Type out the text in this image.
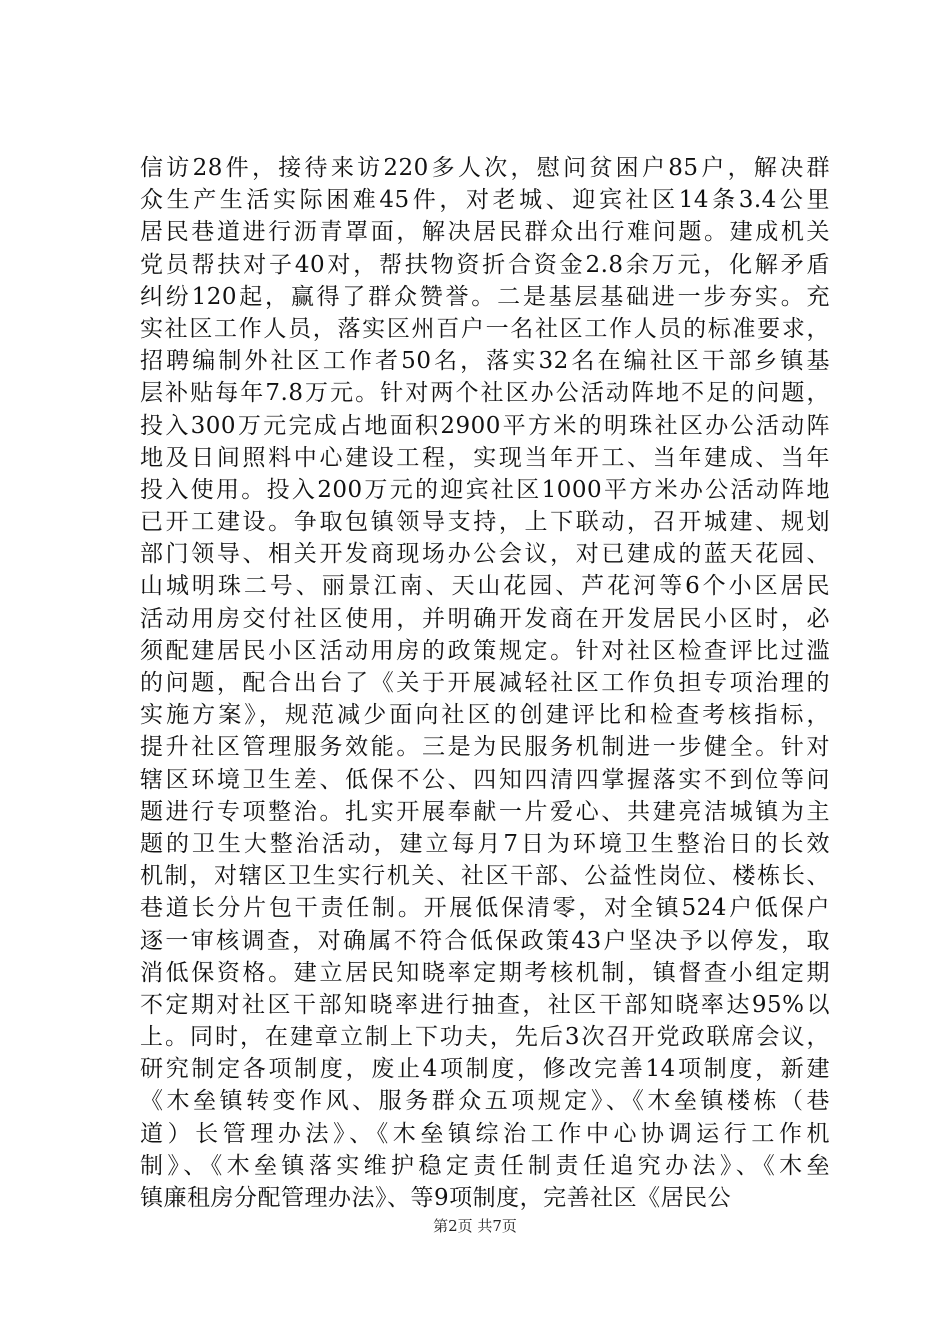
信访28件，接待来访220多人次，慰问贫困户85户，解决群
众生产生活实际困难45件，对老城、迎宾社区14条3.4公里
居民巷道进行沥青罩面，解决居民群众出行难问题。建成机关
党员帮扶对子40对，帮扶物资折合资金2.8余万元，化解矛盾
纠纷120起，赢得了群众赞誉。二是基层基础进一步夯实。充
实社区工作人员，落实区州百户一名社区工作人员的标准要求，
招聘编制外社区工作者50名，落实32名在编社区干部乡镇基
层补贴每年7.8万元。针对两个社区办公活动阵地不足的问题，
投入300万元完成占地面积2900平方米的明珠社区办公活动阵
地及日间照料中心建设工程，实现当年开工、当年建成、当年
投入使用。投入200万元的迎宾社区1000平方米办公活动阵地
已开工建设。争取包镇领导支持，上下联动，召开城建、规划
部门领导、相关开发商现场办公会议，对已建成的蓝天花园、
山城明珠二号、丽景江南、天山花园、芦花河等6个小区居民
活动用房交付社区使用，并明确开发商在开发居民小区时，必
须配建居民小区活动用房的政策规定。针对社区检查评比过滥
的问题，配合出台了《关于开展减轻社区工作负担专项治理的
实施方案》，规范减少面向社区的创建评比和检查考核指标，
提升社区管理服务效能。三是为民服务机制进一步健全。针对
辖区环境卫生差、低保不公、四知四清四掌握落实不到位等问
题进行专项整治。扎实开展奉献一片爱心、共建亮洁城镇为主
题的卫生大整治活动，建立每月7日为环境卫生整治日的长效
机制，对辖区卫生实行机关、社区干部、公益性岗位、楼栋长、
巷道长分片包干责任制。开展低保清零，对全镇524户低保户
逐一审核调查，对确属不符合低保政策43户坚决予以停发，取
消低保资格。建立居民知晓率定期考核机制，镇督查小组定期
不定期对社区干部知晓率进行抽查，社区干部知晓率达95%以
上。同时，在建章立制上下功夫，先后3次召开党政联席会议，
研究制定各项制度，废止4项制度，修改完善14项制度，新建
《木垒镇转变作风、服务群众五项规定》、《木垒镇楼栋（巷
道）长管理办法》、《木垒镇综治工作中心协调运行工作机
制》、《木垒镇落实维护稳定责任制责任追究办法》、《木垒
镇廉租房分配管理办法》、等9项制度，完善社区《居民公
第2页 共7页
